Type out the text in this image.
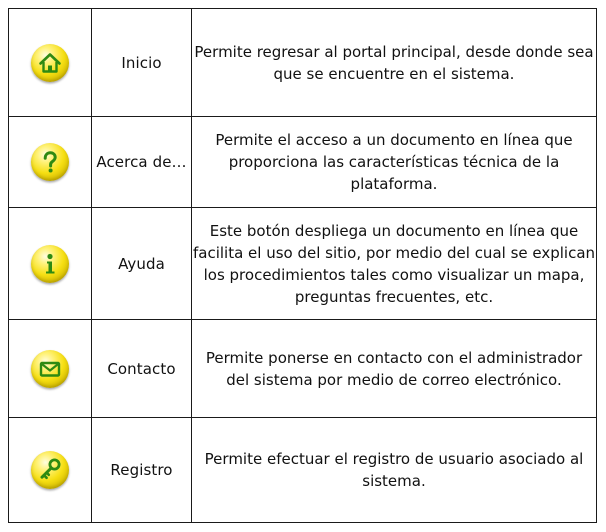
	Inicio	Permite regresar al portal principal, desde donde sea
que se encuentre en el sistema.

	Acerca de…	Permite el acceso a un documento en línea que
proporciona las características técnica de la
plataforma.

	Ayuda	Este botón despliega un documento en línea que
facilita el uso del sitio, por medio del cual se explican
los procedimientos tales como visualizar un mapa,
preguntas frecuentes, etc.

	Contacto	Permite ponerse en contacto con el administrador
del sistema por medio de correo electrónico.

	Registro	Permite efectuar el registro de usuario asociado al
sistema.
